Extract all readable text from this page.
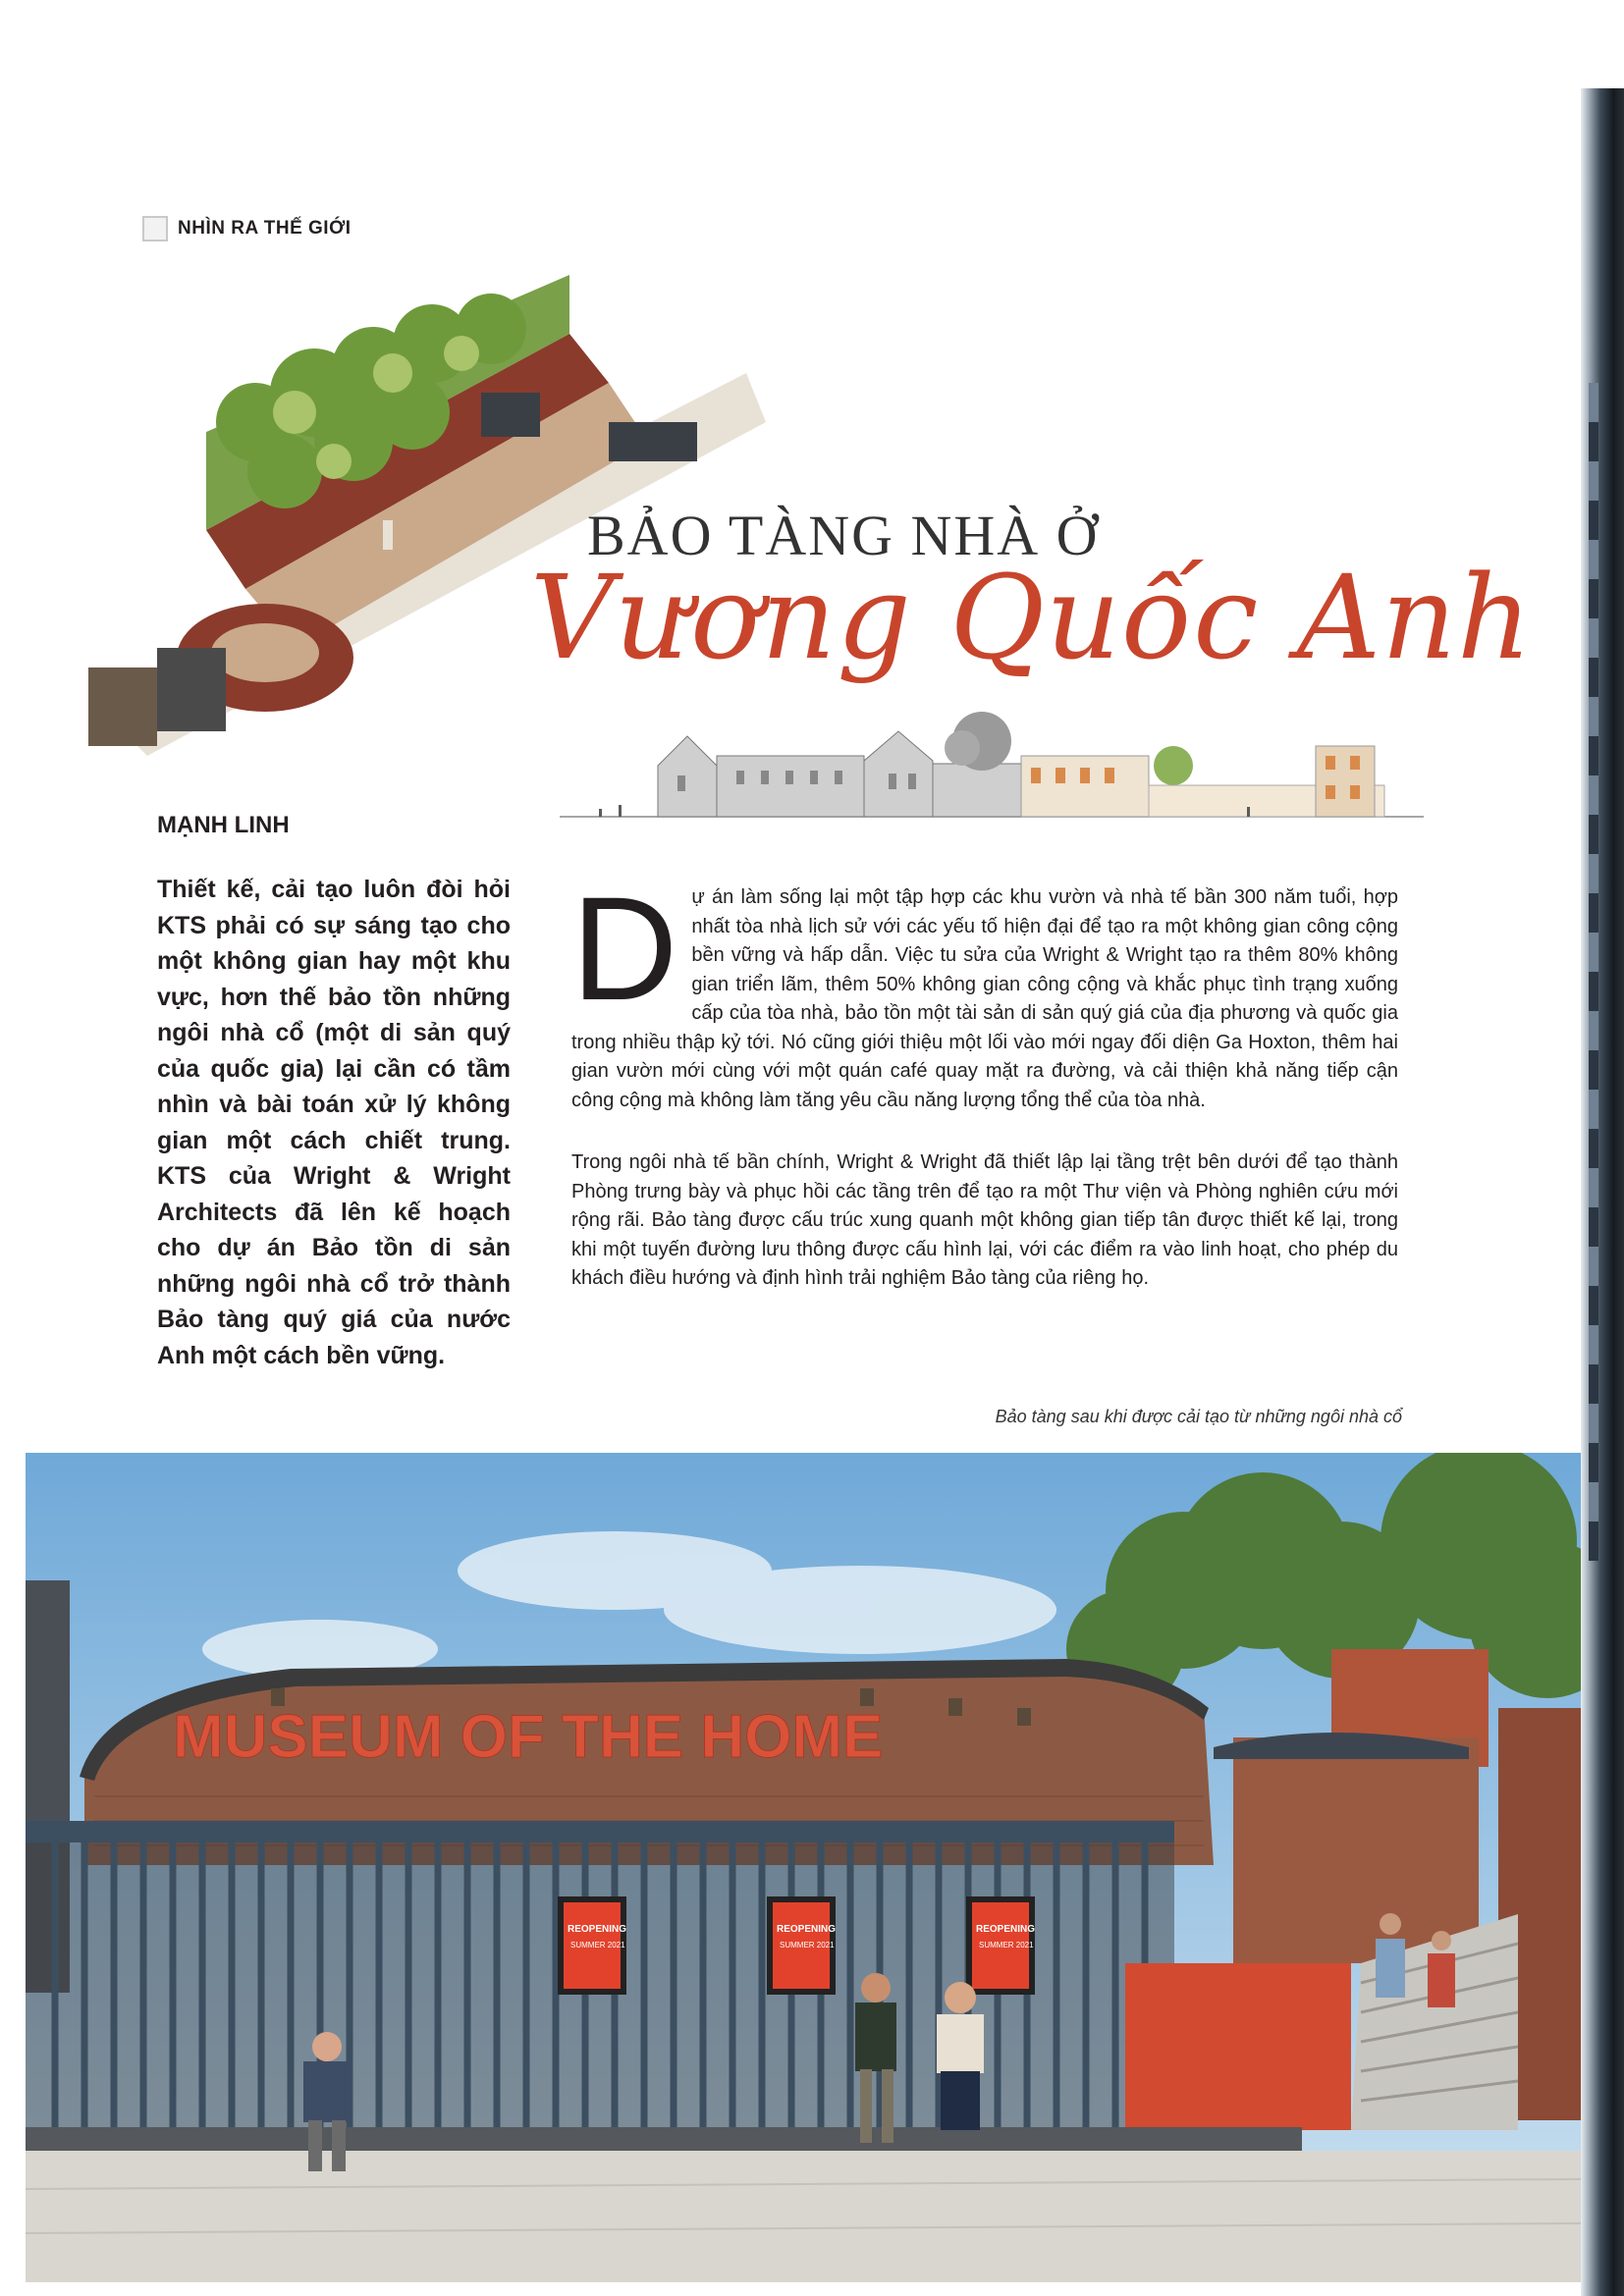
NHÌN RA THẾ GIỚI
BẢO TÀNG NHÀ Ở
Vương Quốc Anh
MẠNH LINH
Thiết kế, cải tạo luôn đòi hỏi KTS phải có sự sáng tạo cho một không gian hay một khu vực, hơn thế bảo tồn những ngôi nhà cổ (một di sản quý của quốc gia) lại cần có tầm nhìn và bài toán xử lý không gian một cách chiết trung. KTS của Wright & Wright Architects đã lên kế hoạch cho dự án Bảo tồn di sản những ngôi nhà cổ trở thành Bảo tàng quý giá của nước Anh một cách bền vững.

Dự án làm sống lại một tập hợp các khu vườn và nhà tế bần 300 năm tuổi, hợp nhất tòa nhà lịch sử với các yếu tố hiện đại để tạo ra một không gian công cộng bền vững và hấp dẫn. Việc tu sửa của Wright & Wright tạo ra thêm 80% không gian triển lãm, thêm 50% không gian công cộng và khắc phục tình trạng xuống cấp của tòa nhà, bảo tồn một tài sản di sản quý giá của địa phương và quốc gia trong nhiều thập kỷ tới. Nó cũng giới thiệu một lối vào mới ngay đối diện Ga Hoxton, thêm hai gian vườn mới cùng với một quán café quay mặt ra đường, và cải thiện khả năng tiếp cận công cộng mà không làm tăng yêu cầu năng lượng tổng thể của tòa nhà.

Trong ngôi nhà tế bần chính, Wright & Wright đã thiết lập lại tầng trệt bên dưới để tạo thành Phòng trưng bày và phục hồi các tầng trên để tạo ra một Thư viện và Phòng nghiên cứu mới rộng rãi. Bảo tàng được cấu trúc xung quanh một không gian tiếp tân được thiết kế lại, trong khi một tuyến đường lưu thông được cấu hình lại, với các điểm ra vào linh hoạt, cho phép du khách điều hướng và định hình trải nghiệm Bảo tàng của riêng họ.

Bảo tàng sau khi được cải tạo từ những ngôi nhà cổ
MUSEUM OF THE HOME
REOPENING
SUMMER 2021
REOPENING
SUMMER 2021
REOPENING
SUMMER 2021
